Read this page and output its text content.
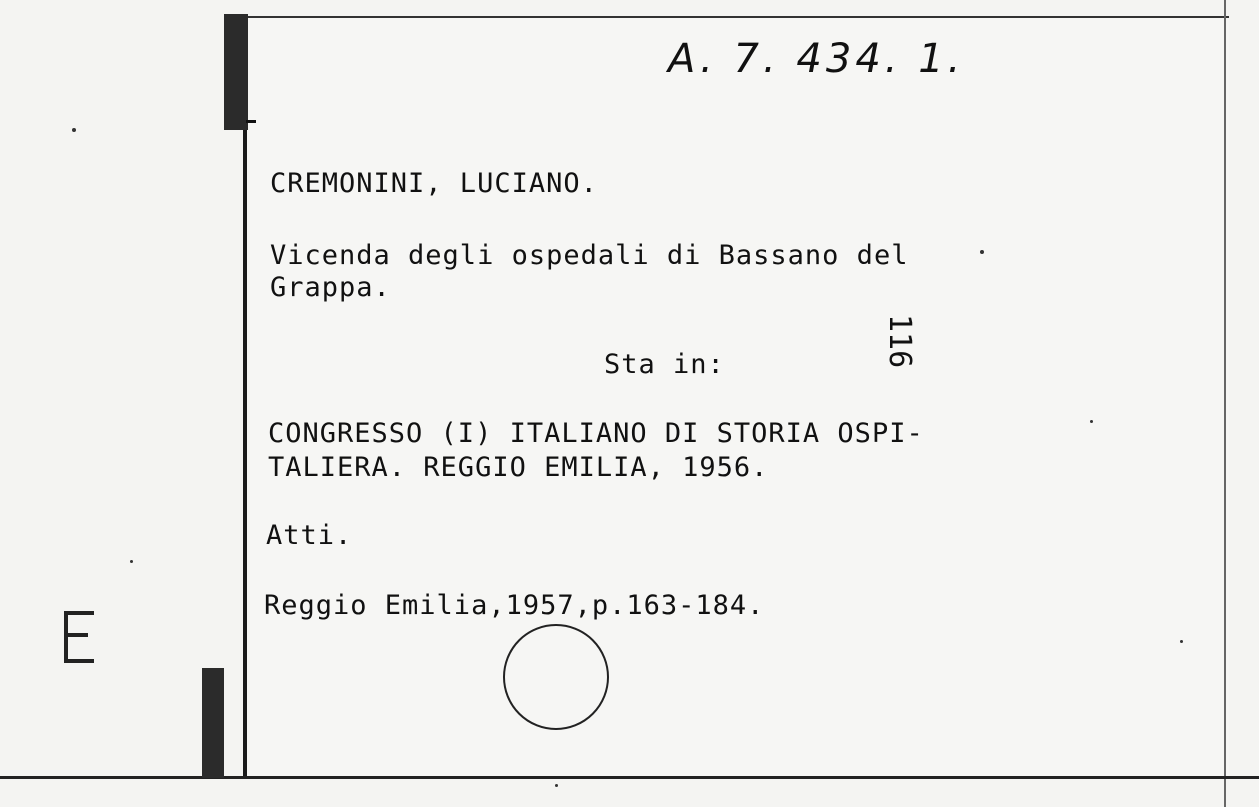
A. 7. 434. 1.
CREMONINI, LUCIANO.
Vicenda degli ospedali di Bassano del
Grappa.
Sta in:	116
CONGRESSO (I) ITALIANO DI STORIA OSPI-
TALIERA. REGGIO EMILIA, 1956.
Atti.
Reggio Emilia,1957,p.163-184.
